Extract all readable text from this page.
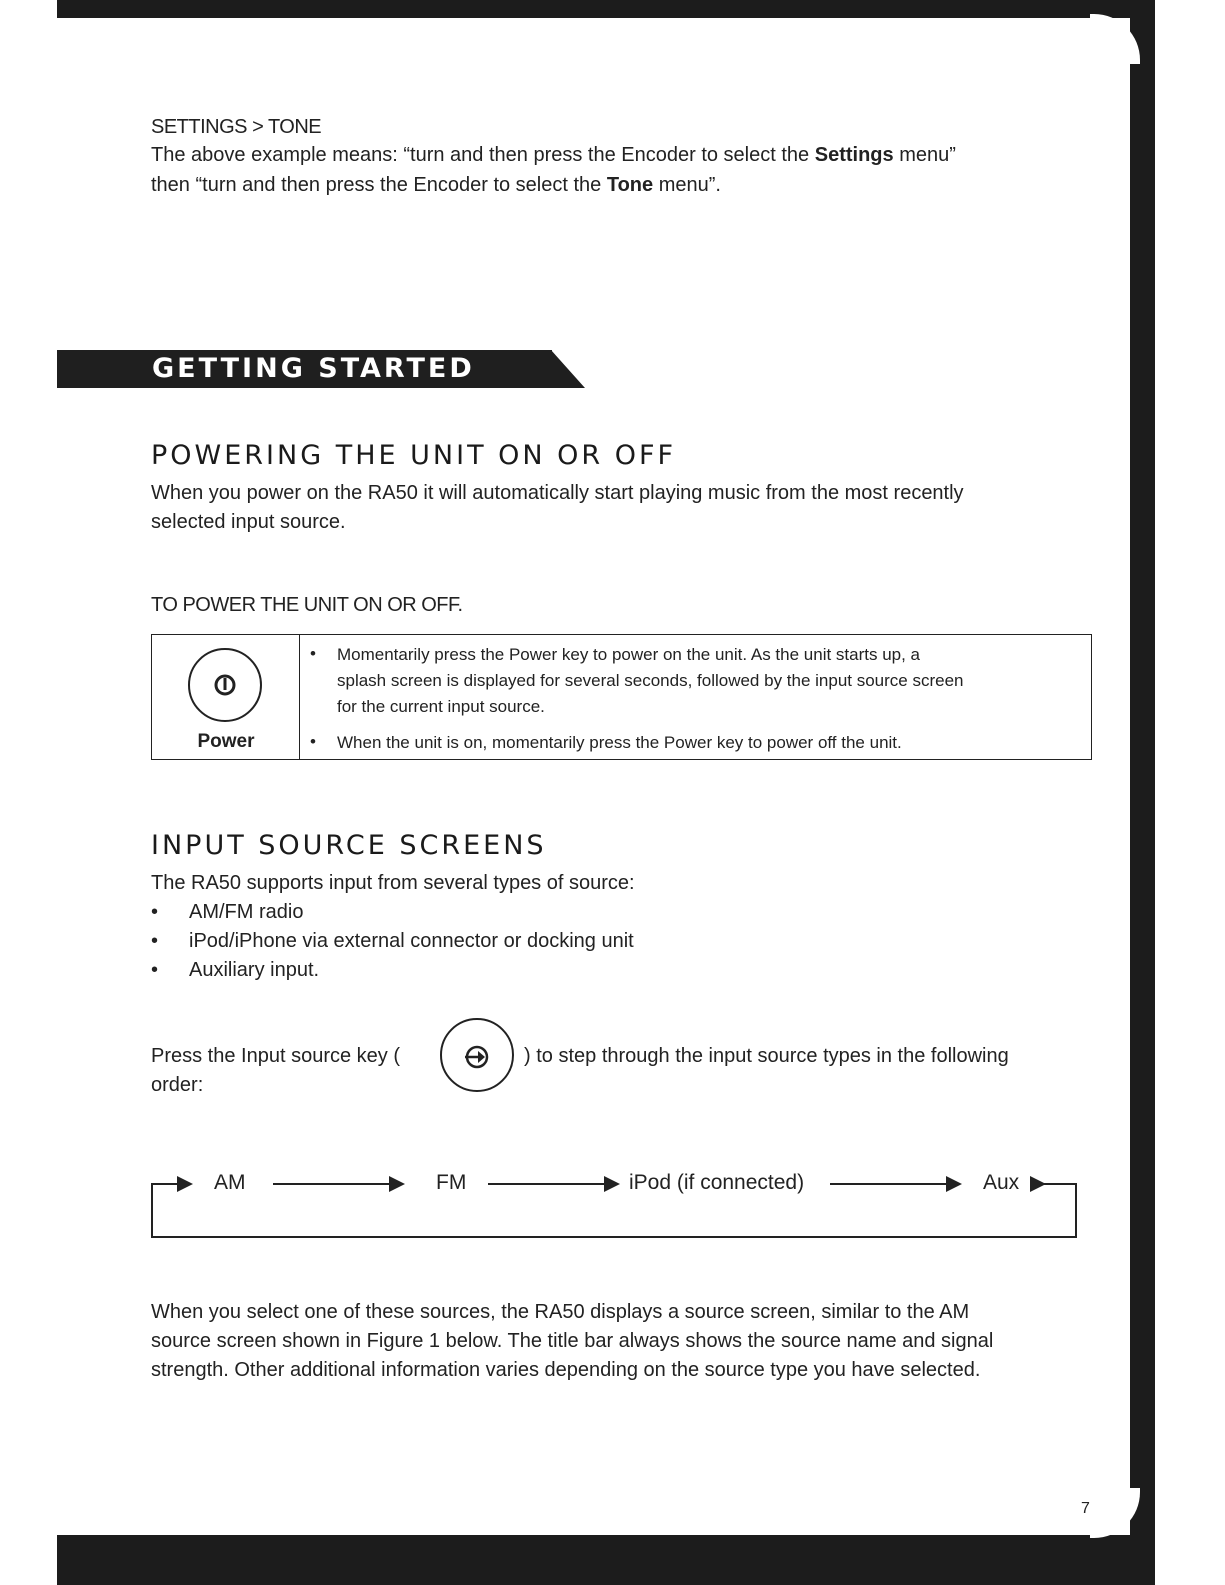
SETTINGS > TONE
The above example means: “turn and then press the Encoder to select the Settings menu”
then “turn and then press the Encoder to select the Tone menu”.
GETTING STARTED
POWERING THE UNIT ON OR OFF
When you power on the RA50 it will automatically start playing music from the most recently
selected input source.
TO POWER THE UNIT ON OR OFF.
Power
• Momentarily press the Power key to power on the unit. As the unit starts up, a
splash screen is displayed for several seconds, followed by the input source screen
for the current input source.
• When the unit is on, momentarily press the Power key to power off the unit.
INPUT SOURCE SCREENS
The RA50 supports input from several types of source:
• AM/FM radio
• iPod/iPhone via external connector or docking unit
• Auxiliary input.
Press the Input source key (	) to step through the input source types in the following
order:
AM	FM	iPod (if connected)	Aux
When you select one of these sources, the RA50 displays a source screen, similar to the AM
source screen shown in Figure 1 below. The title bar always shows the source name and signal
strength. Other additional information varies depending on the source type you have selected.
7
